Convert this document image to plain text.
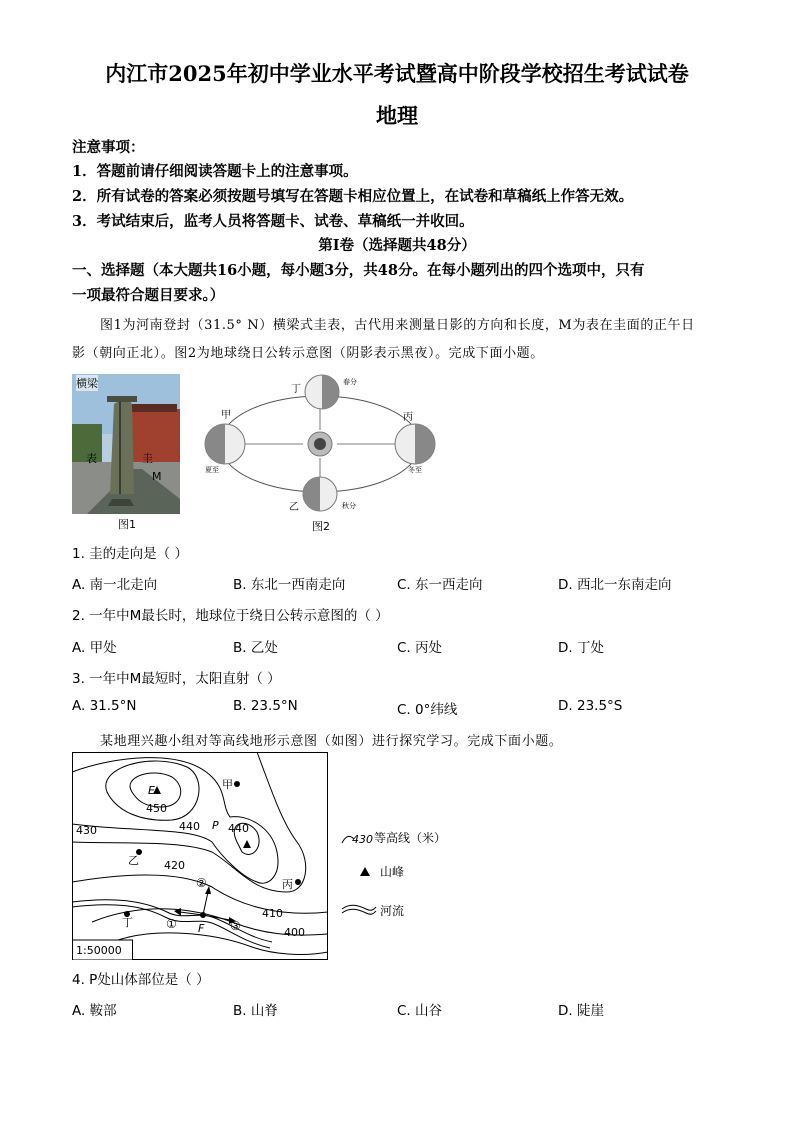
内江市2025年初中学业水平考试暨高中阶段学校招生考试试卷
地理
注意事项：
1．答题前请仔细阅读答题卡上的注意事项。
2．所有试卷的答案必须按题号填写在答题卡相应位置上，在试卷和草稿纸上作答无效。
3．考试结束后，监考人员将答题卡、试卷、草稿纸一并收回。
第Ⅰ卷（选择题共48分）
一、选择题（本大题共16小题，每小题3分，共48分。在每小题列出的四个选项中，只有
一项最符合题目要求。）
图1为河南登封（31.5° N）横梁式圭表，古代用来测量日影的方向和长度，M为表在圭面的正午日
影（朝向正北）。图2为地球绕日公转示意图（阴影表示黑夜）。完成下面小题。
横梁
表	圭
M
图1
丁
春分
甲
夏至
丙
冬至
乙	秋分
图2
1. 圭的走向是（ ）
A. 南一北走向	B. 东北一西南走向	C. 东一西走向	D. 西北一东南走向
2. 一年中M最长时，地球位于绕日公转示意图的（ ）
A. 甲处	B. 乙处	C. 丙处	D. 丁处
3. 一年中M最短时，太阳直射（ ）
A. 31.5°N	B. 23.5°N	C. 0°纬线	D. 23.5°S
某地理兴趣小组对等高线地形示意图（如图）进行探究学习。完成下面小题。
E
450
440 P 440
430
420
410
400
甲
乙
丙
丁	F
②
①	③
1:50000
430 等高线（米）
山峰
河流
4. P处山体部位是（ ）
A. 鞍部	B. 山脊	C. 山谷	D. 陡崖
